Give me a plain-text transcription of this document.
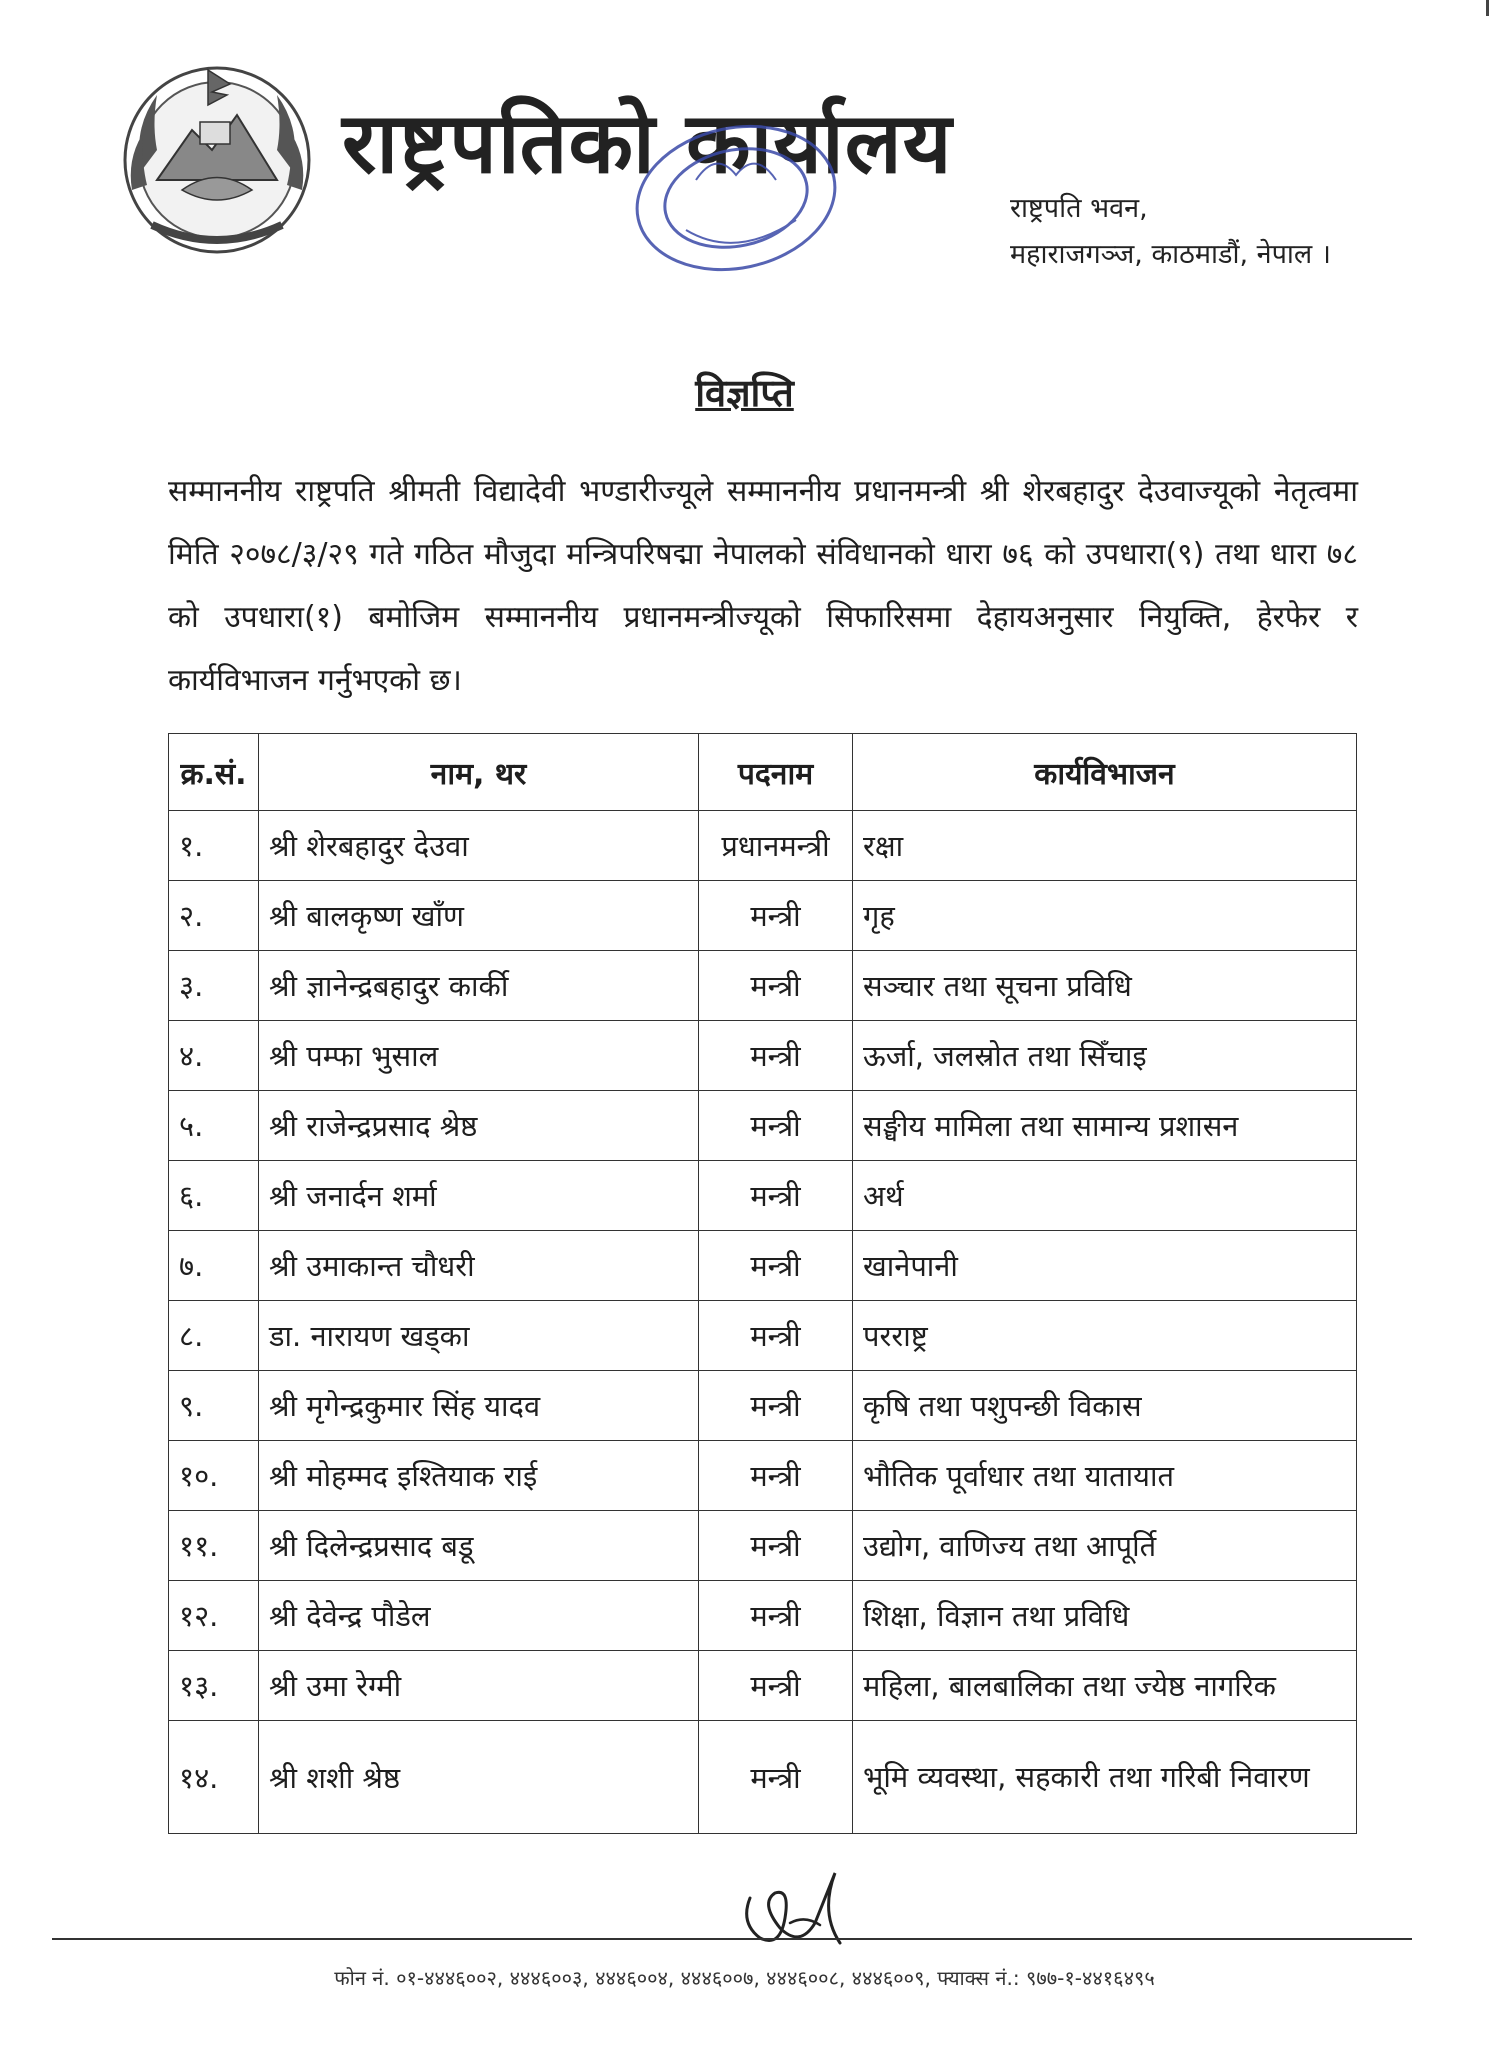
राष्ट्रपतिको कार्यालय
राष्ट्रपति भवन,
महाराजगञ्ज, काठमाडौं, नेपाल ।
विज्ञप्ति
सम्माननीय राष्ट्रपति श्रीमती विद्यादेवी भण्डारीज्यूले सम्माननीय प्रधानमन्त्री श्री शेरबहादुर देउवाज्यूको नेतृत्वमा मिति २०७८/३/२९ गते गठित मौजुदा मन्त्रिपरिषद्मा नेपालको संविधानको धारा ७६ को उपधारा(९) तथा धारा ७८ को उपधारा(१) बमोजिम सम्माननीय प्रधानमन्त्रीज्यूको सिफारिसमा देहायअनुसार नियुक्ति, हेरफेर र कार्यविभाजन गर्नुभएको छ।
क्र.सं.	नाम, थर	पदनाम	कार्यविभाजन
१.	श्री शेरबहादुर देउवा	प्रधानमन्त्री	रक्षा
२.	श्री बालकृष्ण खाँण	मन्त्री	गृह
३.	श्री ज्ञानेन्द्रबहादुर कार्की	मन्त्री	सञ्चार तथा सूचना प्रविधि
४.	श्री पम्फा भुसाल	मन्त्री	ऊर्जा, जलस्रोत तथा सिँचाइ
५.	श्री राजेन्द्रप्रसाद श्रेष्ठ	मन्त्री	सङ्घीय मामिला तथा सामान्य प्रशासन
६.	श्री जनार्दन शर्मा	मन्त्री	अर्थ
७.	श्री उमाकान्त चौधरी	मन्त्री	खानेपानी
८.	डा. नारायण खड्का	मन्त्री	परराष्ट्र
९.	श्री मृगेन्द्रकुमार सिंह यादव	मन्त्री	कृषि तथा पशुपन्छी विकास
१०.	श्री मोहम्मद इश्तियाक राई	मन्त्री	भौतिक पूर्वाधार तथा यातायात
११.	श्री दिलेन्द्रप्रसाद बडू	मन्त्री	उद्योग, वाणिज्य तथा आपूर्ति
१२.	श्री देवेन्द्र पौडेल	मन्त्री	शिक्षा, विज्ञान तथा प्रविधि
१३.	श्री उमा रेग्मी	मन्त्री	महिला, बालबालिका तथा ज्येष्ठ नागरिक
१४.	श्री शशी श्रेष्ठ	मन्त्री	भूमि व्यवस्था, सहकारी तथा गरिबी निवारण
फोन नं. ०१-४४४६००२, ४४४६००३, ४४४६००४, ४४४६००७, ४४४६००८, ४४४६००९, फ्याक्स नं.: ९७७-१-४४१६४९५
